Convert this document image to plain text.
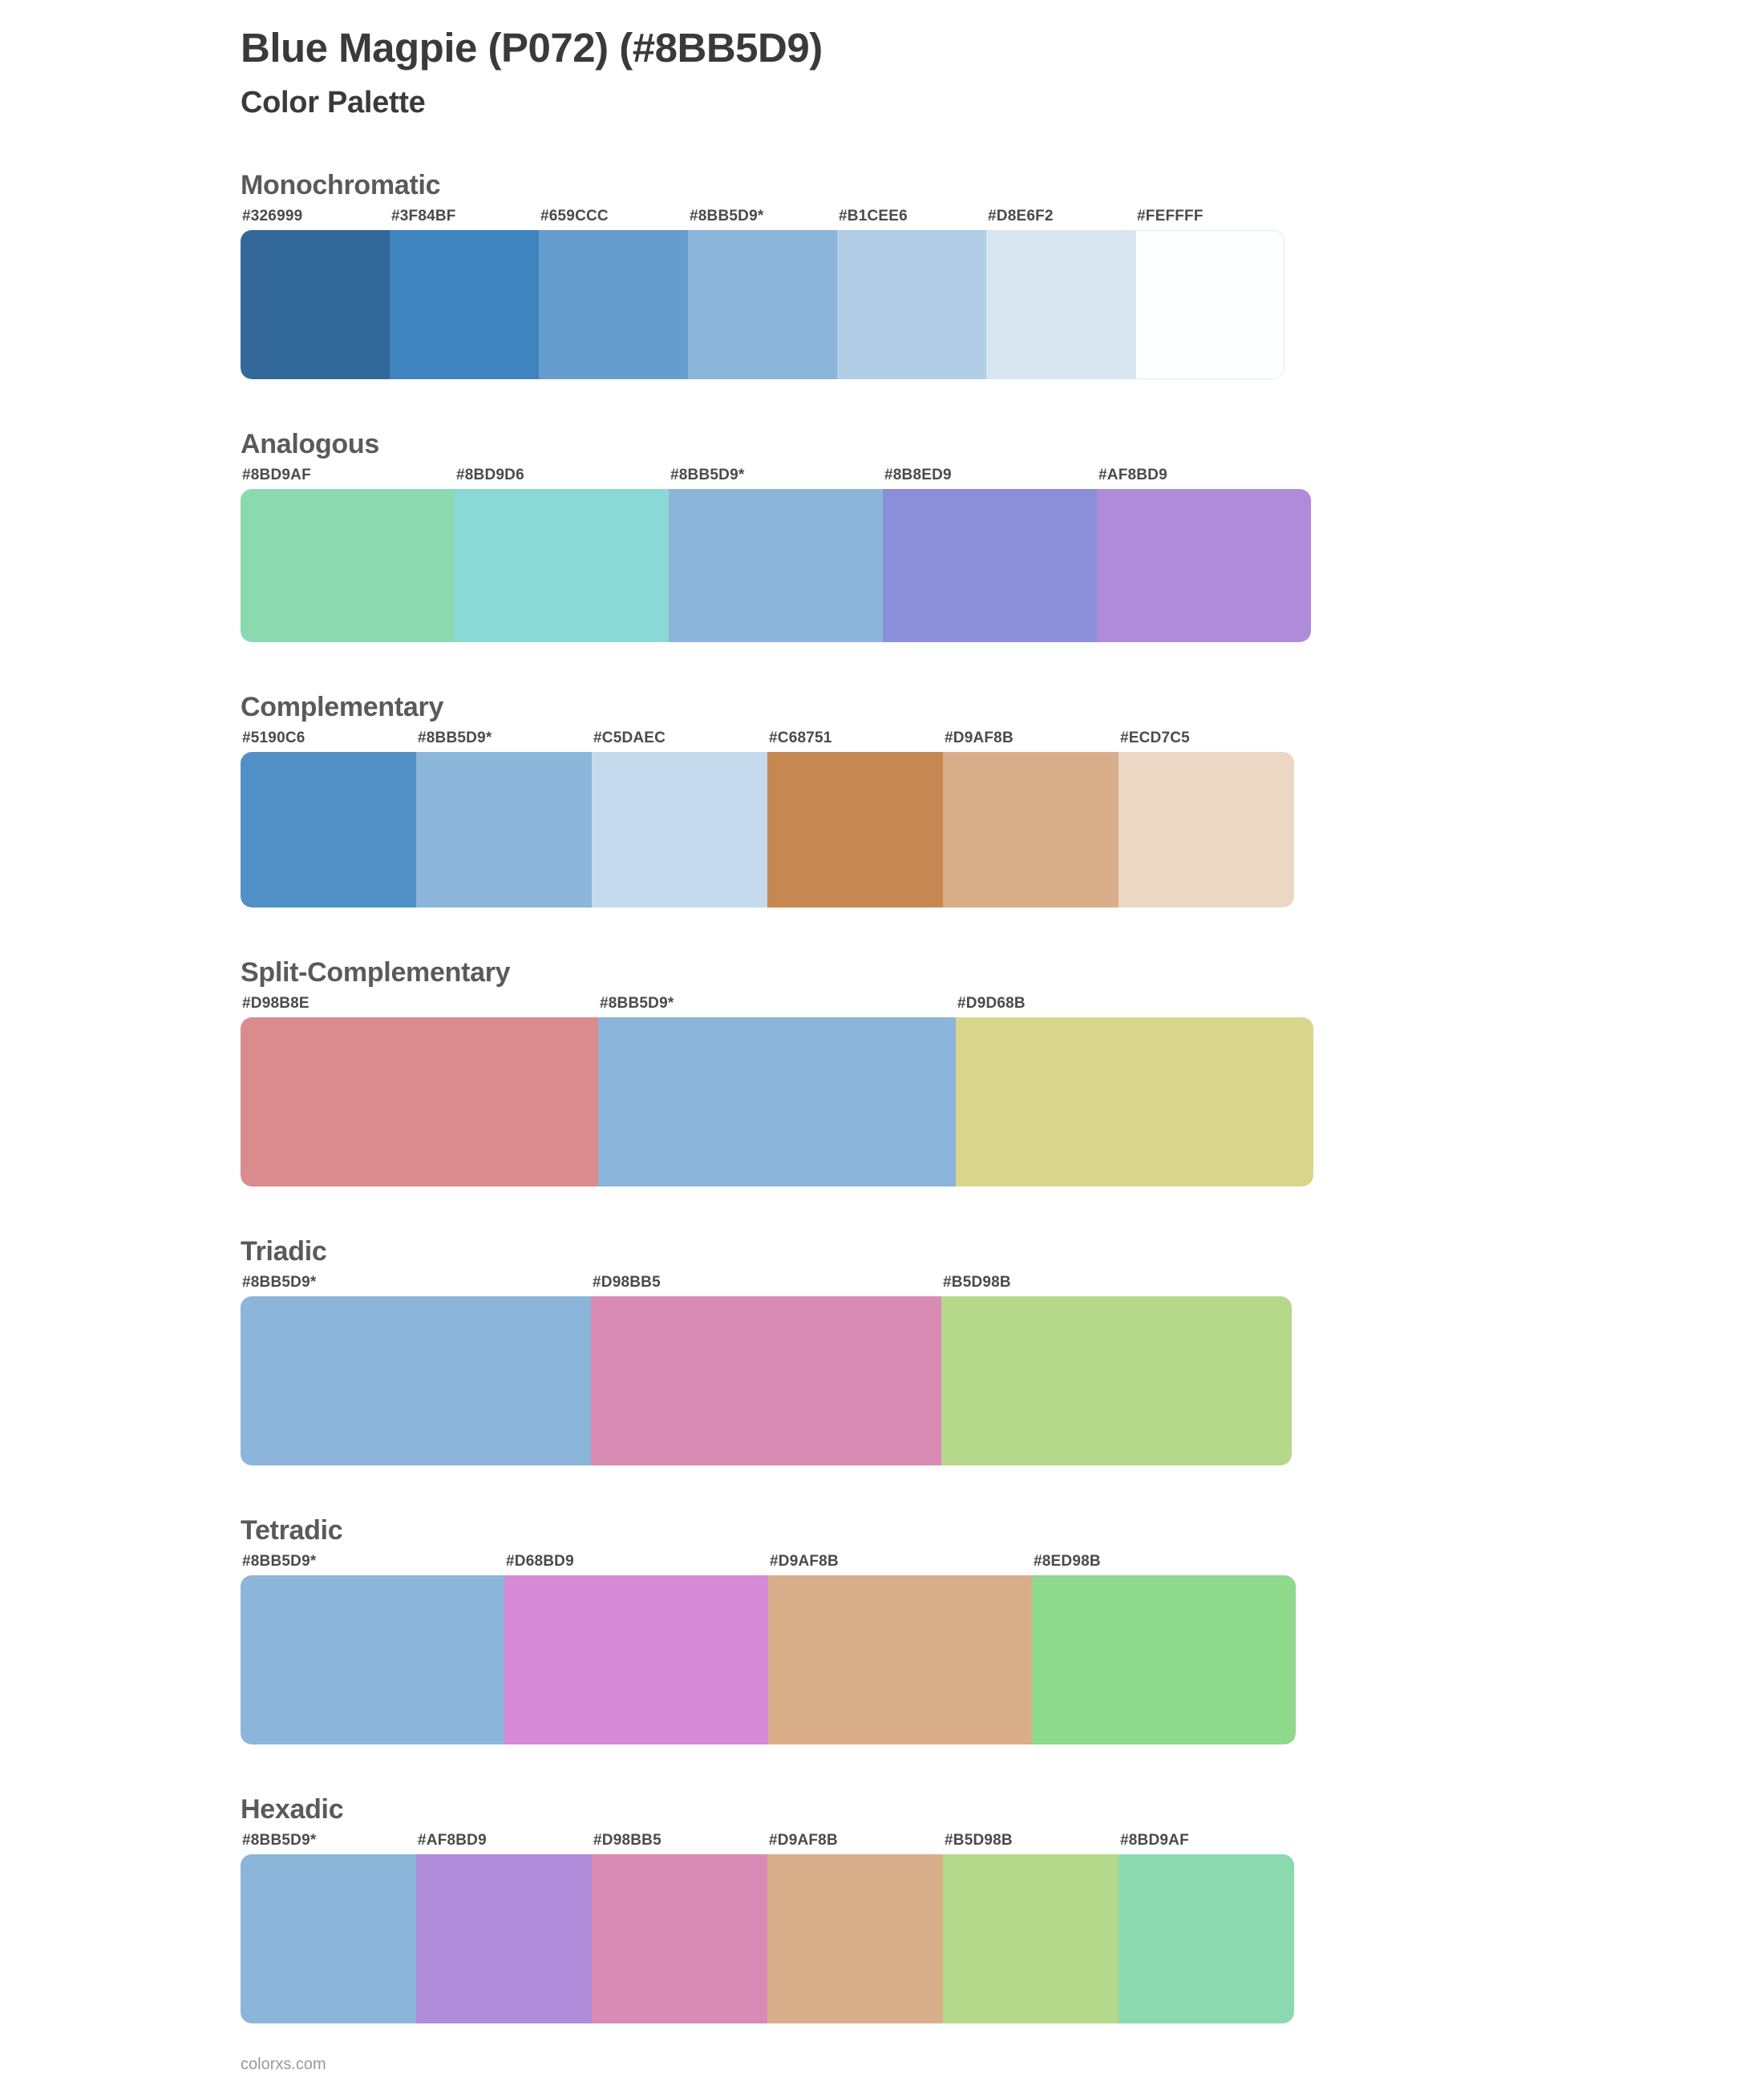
Blue Magpie (P072) (#8BB5D9)
Color Palette
Monochromatic
#326999	#3F84BF	#659CCC	#8BB5D9*	#B1CEE6	#D8E6F2	#FEFFFF
Analogous
#8BD9AF	#8BD9D6	#8BB5D9*	#8B8ED9	#AF8BD9
Complementary
#5190C6	#8BB5D9*	#C5DAEC	#C68751	#D9AF8B	#ECD7C5
Split-Complementary
#D98B8E	#8BB5D9*	#D9D68B
Triadic
#8BB5D9*	#D98BB5	#B5D98B
Tetradic
#8BB5D9*	#D68BD9	#D9AF8B	#8ED98B
Hexadic
#8BB5D9*	#AF8BD9	#D98BB5	#D9AF8B	#B5D98B	#8BD9AF
colorxs.com
